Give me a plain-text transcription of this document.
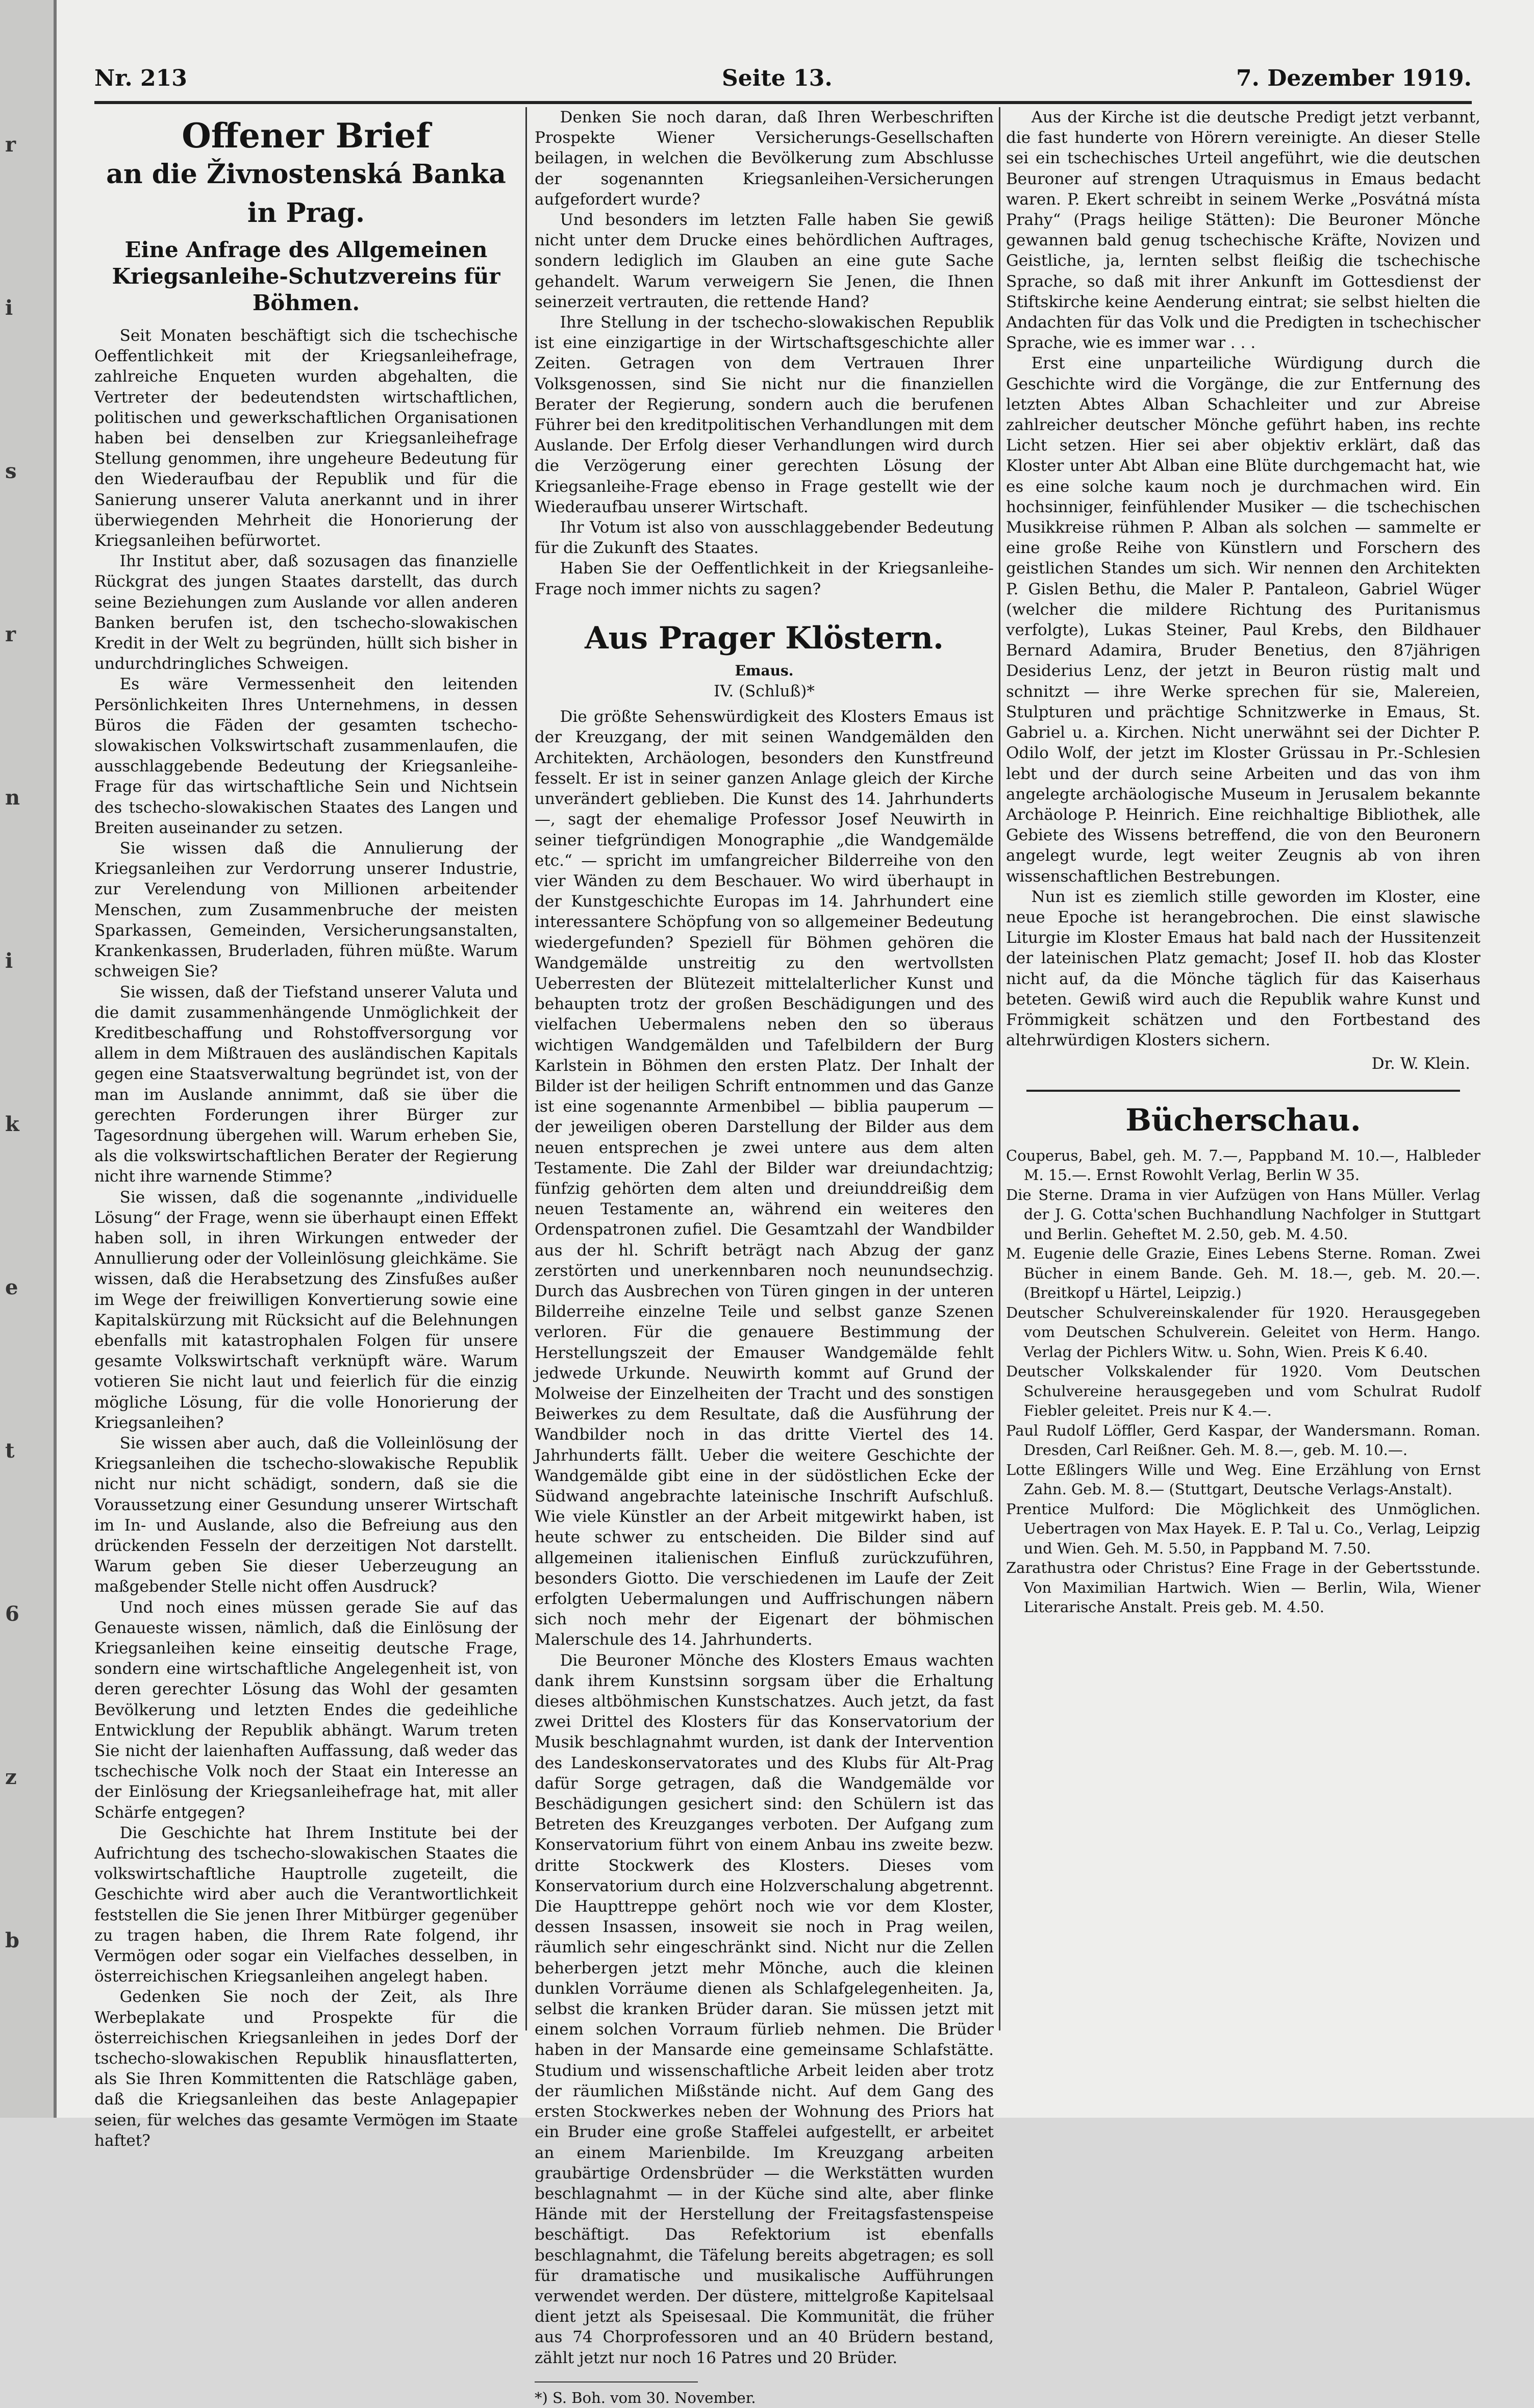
r
i
s
r
n
i
k
e
t
6
z
b
Nr. 213	Seite 13.	7. Dezember 1919.
Offener Brief
an die Živnostenská Banka in Prag.
Eine Anfrage des Allgemeinen Kriegsanleihe-Schutzvereins für Böhmen.

Seit Monaten beschäftigt sich die tschechische Oeffentlichkeit mit der Kriegsanleihefrage, zahlreiche Enqueten wurden abgehalten, die Vertreter der bedeutendsten wirtschaftlichen, politischen und gewerkschaftlichen Organisationen haben bei denselben zur Kriegsanleihefrage Stellung genommen, ihre ungeheure Bedeutung für den Wiederaufbau der Republik und für die Sanierung unserer Valuta anerkannt und in ihrer überwiegenden Mehrheit die Honorierung der Kriegsanleihen befürwortet.

Ihr Institut aber, daß sozusagen das finanzielle Rückgrat des jungen Staates darstellt, das durch seine Beziehungen zum Auslande vor allen anderen Banken berufen ist, den tschecho-slowakischen Kredit in der Welt zu begründen, hüllt sich bisher in undurchdringliches Schweigen.

Es wäre Vermessenheit den leitenden Persönlichkeiten Ihres Unternehmens, in dessen Büros die Fäden der gesamten tschecho-slowakischen Volkswirtschaft zusammenlaufen, die ausschlaggebende Bedeutung der Kriegsanleihe-Frage für das wirtschaftliche Sein und Nichtsein des tschecho-slowakischen Staates des Langen und Breiten auseinander zu setzen.

Sie wissen daß die Annulierung der Kriegsanleihen zur Verdorrung unserer Industrie, zur Verelendung von Millionen arbeitender Menschen, zum Zusammenbruche der meisten Sparkassen, Gemeinden, Versicherungsanstalten, Krankenkassen, Bruderladen, führen müßte. Warum schweigen Sie?

Sie wissen, daß der Tiefstand unserer Valuta und die damit zusammenhängende Unmöglichkeit der Kreditbeschaffung und Rohstoffversorgung vor allem in dem Mißtrauen des ausländischen Kapitals gegen eine Staatsverwaltung begründet ist, von der man im Auslande annimmt, daß sie über die gerechten Forderungen ihrer Bürger zur Tagesordnung übergehen will. Warum erheben Sie, als die volkswirtschaftlichen Berater der Regierung nicht ihre warnende Stimme?

Sie wissen, daß die sogenannte „individuelle Lösung“ der Frage, wenn sie überhaupt einen Effekt haben soll, in ihren Wirkungen entweder der Annullierung oder der Volleinlösung gleichkäme. Sie wissen, daß die Herabsetzung des Zinsfußes außer im Wege der freiwilligen Konvertierung sowie eine Kapitalskürzung mit Rücksicht auf die Belehnungen ebenfalls mit katastrophalen Folgen für unsere gesamte Volkswirtschaft verknüpft wäre. Warum votieren Sie nicht laut und feierlich für die einzig mögliche Lösung, für die volle Honorierung der Kriegsanleihen?

Sie wissen aber auch, daß die Volleinlösung der Kriegsanleihen die tschecho-slowakische Republik nicht nur nicht schädigt, sondern, daß sie die Voraussetzung einer Gesundung unserer Wirtschaft im In- und Auslande, also die Befreiung aus den drückenden Fesseln der derzeitigen Not darstellt. Warum geben Sie dieser Ueberzeugung an maßgebender Stelle nicht offen Ausdruck?

Und noch eines müssen gerade Sie auf das Genaueste wissen, nämlich, daß die Einlösung der Kriegsanleihen keine einseitig deutsche Frage, sondern eine wirtschaftliche Angelegenheit ist, von deren gerechter Lösung das Wohl der gesamten Bevölkerung und letzten Endes die gedeihliche Entwicklung der Republik abhängt. Warum treten Sie nicht der laienhaften Auffassung, daß weder das tschechische Volk noch der Staat ein Interesse an der Einlösung der Kriegsanleihefrage hat, mit aller Schärfe entgegen?

Die Geschichte hat Ihrem Institute bei der Aufrichtung des tschecho-slowakischen Staates die volkswirtschaftliche Hauptrolle zugeteilt, die Geschichte wird aber auch die Verantwortlichkeit feststellen die Sie jenen Ihrer Mitbürger gegenüber zu tragen haben, die Ihrem Rate folgend, ihr Vermögen oder sogar ein Vielfaches desselben, in österreichischen Kriegsanleihen angelegt haben.

Gedenken Sie noch der Zeit, als Ihre Werbeplakate und Prospekte für die österreichischen Kriegsanleihen in jedes Dorf der tschecho-slowakischen Republik hinausflatterten, als Sie Ihren Kommittenten die Ratschläge gaben, daß die Kriegsanleihen das beste Anlagepapier seien, für welches das gesamte Vermögen im Staate haftet?

Denken Sie noch daran, daß Ihren Werbeschriften Prospekte Wiener Versicherungs-Gesellschaften beilagen, in welchen die Bevölkerung zum Abschlusse der sogenannten Kriegsanleihen-Versicherungen aufgefordert wurde?

Und besonders im letzten Falle haben Sie gewiß nicht unter dem Drucke eines behördlichen Auftrages, sondern lediglich im Glauben an eine gute Sache gehandelt. Warum verweigern Sie Jenen, die Ihnen seinerzeit vertrauten, die rettende Hand?

Ihre Stellung in der tschecho-slowakischen Republik ist eine einzigartige in der Wirtschaftsgeschichte aller Zeiten. Getragen von dem Vertrauen Ihrer Volksgenossen, sind Sie nicht nur die finanziellen Berater der Regierung, sondern auch die berufenen Führer bei den kreditpolitischen Verhandlungen mit dem Auslande. Der Erfolg dieser Verhandlungen wird durch die Verzögerung einer gerechten Lösung der Kriegsanleihe-Frage ebenso in Frage gestellt wie der Wiederaufbau unserer Wirtschaft.

Ihr Votum ist also von ausschlaggebender Bedeutung für die Zukunft des Staates.

Haben Sie der Oeffentlichkeit in der Kriegsanleihe-Frage noch immer nichts zu sagen?

Aus Prager Klöstern.
Emaus.
IV. (Schluß)*

Die größte Sehenswürdigkeit des Klosters Emaus ist der Kreuzgang, der mit seinen Wandgemälden den Architekten, Archäologen, besonders den Kunstfreund fesselt. Er ist in seiner ganzen Anlage gleich der Kirche unverändert geblieben. Die Kunst des 14. Jahrhunderts —, sagt der ehemalige Professor Josef Neuwirth in seiner tiefgründigen Monographie „die Wandgemälde etc.“ — spricht im umfangreicher Bilderreihe von den vier Wänden zu dem Beschauer. Wo wird überhaupt in der Kunstgeschichte Europas im 14. Jahrhundert eine interessantere Schöpfung von so allgemeiner Bedeutung wiedergefunden? Speziell für Böhmen gehören die Wandgemälde unstreitig zu den wertvollsten Ueberresten der Blütezeit mittelalterlicher Kunst und behaupten trotz der großen Beschädigungen und des vielfachen Uebermalens neben den so überaus wichtigen Wandgemälden und Tafelbildern der Burg Karlstein in Böhmen den ersten Platz. Der Inhalt der Bilder ist der heiligen Schrift entnommen und das Ganze ist eine sogenannte Armenbibel — biblia pauperum — der jeweiligen oberen Darstellung der Bilder aus dem neuen entsprechen je zwei untere aus dem alten Testamente. Die Zahl der Bilder war dreiundachtzig; fünfzig gehörten dem alten und dreiunddreißig dem neuen Testamente an, während ein weiteres den Ordenspatronen zufiel. Die Gesamtzahl der Wandbilder aus der hl. Schrift beträgt nach Abzug der ganz zerstörten und unerkennbaren noch neunundsechzig. Durch das Ausbrechen von Türen gingen in der unteren Bilderreihe einzelne Teile und selbst ganze Szenen verloren. Für die genauere Bestimmung der Herstellungszeit der Emauser Wandgemälde fehlt jedwede Urkunde. Neuwirth kommt auf Grund der Molweise der Einzelheiten der Tracht und des sonstigen Beiwerkes zu dem Resultate, daß die Ausführung der Wandbilder noch in das dritte Viertel des 14. Jahrhunderts fällt. Ueber die weitere Geschichte der Wandgemälde gibt eine in der südöstlichen Ecke der Südwand angebrachte lateinische Inschrift Aufschluß. Wie viele Künstler an der Arbeit mitgewirkt haben, ist heute schwer zu entscheiden. Die Bilder sind auf allgemeinen italienischen Einfluß zurückzuführen, besonders Giotto. Die verschiedenen im Laufe der Zeit erfolgten Uebermalungen und Auffrischungen näbern sich noch mehr der Eigenart der böhmischen Malerschule des 14. Jahrhunderts.

Die Beuroner Mönche des Klosters Emaus wachten dank ihrem Kunstsinn sorgsam über die Erhaltung dieses altböhmischen Kunstschatzes. Auch jetzt, da fast zwei Drittel des Klosters für das Konservatorium der Musik beschlagnahmt wurden, ist dank der Intervention des Landeskonservatorates und des Klubs für Alt-Prag dafür Sorge getragen, daß die Wandgemälde vor Beschädigungen gesichert sind: den Schülern ist das Betreten des Kreuzganges verboten. Der Aufgang zum Konservatorium führt von einem Anbau ins zweite bezw. dritte Stockwerk des Klosters. Dieses vom Konservatorium durch eine Holzverschalung abgetrennt. Die Haupttreppe gehört noch wie vor dem Kloster, dessen Insassen, insoweit sie noch in Prag weilen, räumlich sehr eingeschränkt sind. Nicht nur die Zellen beherbergen jetzt mehr Mönche, auch die kleinen dunklen Vorräume dienen als Schlafgelegenheiten. Ja, selbst die kranken Brüder daran. Sie müssen jetzt mit einem solchen Vorraum fürlieb nehmen. Die Brüder haben in der Mansarde eine gemeinsame Schlafstätte. Studium und wissenschaftliche Arbeit leiden aber trotz der räumlichen Mißstände nicht. Auf dem Gang des ersten Stockwerkes neben der Wohnung des Priors hat ein Bruder eine große Staffelei aufgestellt, er arbeitet an einem Marienbilde. Im Kreuzgang arbeiten graubärtige Ordensbrüder — die Werkstätten wurden beschlagnahmt — in der Küche sind alte, aber flinke Hände mit der Herstellung der Freitagsfastenspeise beschäftigt. Das Refektorium ist ebenfalls beschlagnahmt, die Täfelung bereits abgetragen; es soll für dramatische und musikalische Aufführungen verwendet werden. Der düstere, mittelgroße Kapitelsaal dient jetzt als Speisesaal. Die Kommunität, die früher aus 74 Chorprofessoren und an 40 Brüdern bestand, zählt jetzt nur noch 16 Patres und 20 Brüder.

*) S. Boh. vom 30. November.

Aus der Kirche ist die deutsche Predigt jetzt verbannt, die fast hunderte von Hörern vereinigte. An dieser Stelle sei ein tschechisches Urteil angeführt, wie die deutschen Beuroner auf strengen Utraquismus in Emaus bedacht waren. P. Ekert schreibt in seinem Werke „Posvátná místa Prahy“ (Prags heilige Stätten): Die Beuroner Mönche gewannen bald genug tschechische Kräfte, Novizen und Geistliche, ja, lernten selbst fleißig die tschechische Sprache, so daß mit ihrer Ankunft im Gottesdienst der Stiftskirche keine Aenderung eintrat; sie selbst hielten die Andachten für das Volk und die Predigten in tschechischer Sprache, wie es immer war . . .

Erst eine unparteiliche Würdigung durch die Geschichte wird die Vorgänge, die zur Entfernung des letzten Abtes Alban Schachleiter und zur Abreise zahlreicher deutscher Mönche geführt haben, ins rechte Licht setzen. Hier sei aber objektiv erklärt, daß das Kloster unter Abt Alban eine Blüte durchgemacht hat, wie es eine solche kaum noch je durchmachen wird. Ein hochsinniger, feinfühlender Musiker — die tschechischen Musikkreise rühmen P. Alban als solchen — sammelte er eine große Reihe von Künstlern und Forschern des geistlichen Standes um sich. Wir nennen den Architekten P. Gislen Bethu, die Maler P. Pantaleon, Gabriel Wüger (welcher die mildere Richtung des Puritanismus verfolgte), Lukas Steiner, Paul Krebs, den Bildhauer Bernard Adamira, Bruder Benetius, den 87jährigen Desiderius Lenz, der jetzt in Beuron rüstig malt und schnitzt — ihre Werke sprechen für sie, Malereien, Stulpturen und prächtige Schnitzwerke in Emaus, St. Gabriel u. a. Kirchen. Nicht unerwähnt sei der Dichter P. Odilo Wolf, der jetzt im Kloster Grüssau in Pr.-Schlesien lebt und der durch seine Arbeiten und das von ihm angelegte archäologische Museum in Jerusalem bekannte Archäologe P. Heinrich. Eine reichhaltige Bibliothek, alle Gebiete des Wissens betreffend, die von den Beuronern angelegt wurde, legt weiter Zeugnis ab von ihren wissenschaftlichen Bestrebungen.

Nun ist es ziemlich stille geworden im Kloster, eine neue Epoche ist herangebrochen. Die einst slawische Liturgie im Kloster Emaus hat bald nach der Hussitenzeit der lateinischen Platz gemacht; Josef II. hob das Kloster nicht auf, da die Mönche täglich für das Kaiserhaus beteten. Gewiß wird auch die Republik wahre Kunst und Frömmigkeit schätzen und den Fortbestand des altehrwürdigen Klosters sichern.

Dr. W. Klein.

Bücherschau.

Couperus, Babel, geh. M. 7.—, Pappband M. 10.—, Halbleder M. 15.—. Ernst Rowohlt Verlag, Berlin W 35.

Die Sterne. Drama in vier Aufzügen von Hans Müller. Verlag der J. G. Cotta'schen Buchhandlung Nachfolger in Stuttgart und Berlin. Geheftet M. 2.50, geb. M. 4.50.

M. Eugenie delle Grazie, Eines Lebens Sterne. Roman. Zwei Bücher in einem Bande. Geh. M. 18.—, geb. M. 20.—. (Breitkopf u Härtel, Leipzig.)

Deutscher Schulvereinskalender für 1920. Herausgegeben vom Deutschen Schulverein. Geleitet von Herm. Hango. Verlag der Pichlers Witw. u. Sohn, Wien. Preis K 6.40.

Deutscher Volkskalender für 1920. Vom Deutschen Schulvereine herausgegeben und vom Schulrat Rudolf Fiebler geleitet. Preis nur K 4.—.

Paul Rudolf Löffler, Gerd Kaspar, der Wandersmann. Roman. Dresden, Carl Reißner. Geh. M. 8.—, geb. M. 10.—.

Lotte Eßlingers Wille und Weg. Eine Erzählung von Ernst Zahn. Geb. M. 8.— (Stuttgart, Deutsche Verlags-Anstalt).

Prentice Mulford: Die Möglichkeit des Unmöglichen. Uebertragen von Max Hayek. E. P. Tal u. Co., Verlag, Leipzig und Wien. Geh. M. 5.50, in Pappband M. 7.50.

Zarathustra oder Christus? Eine Frage in der Gebertsstunde. Von Maximilian Hartwich. Wien — Berlin, Wila, Wiener Literarische Anstalt. Preis geb. M. 4.50.
